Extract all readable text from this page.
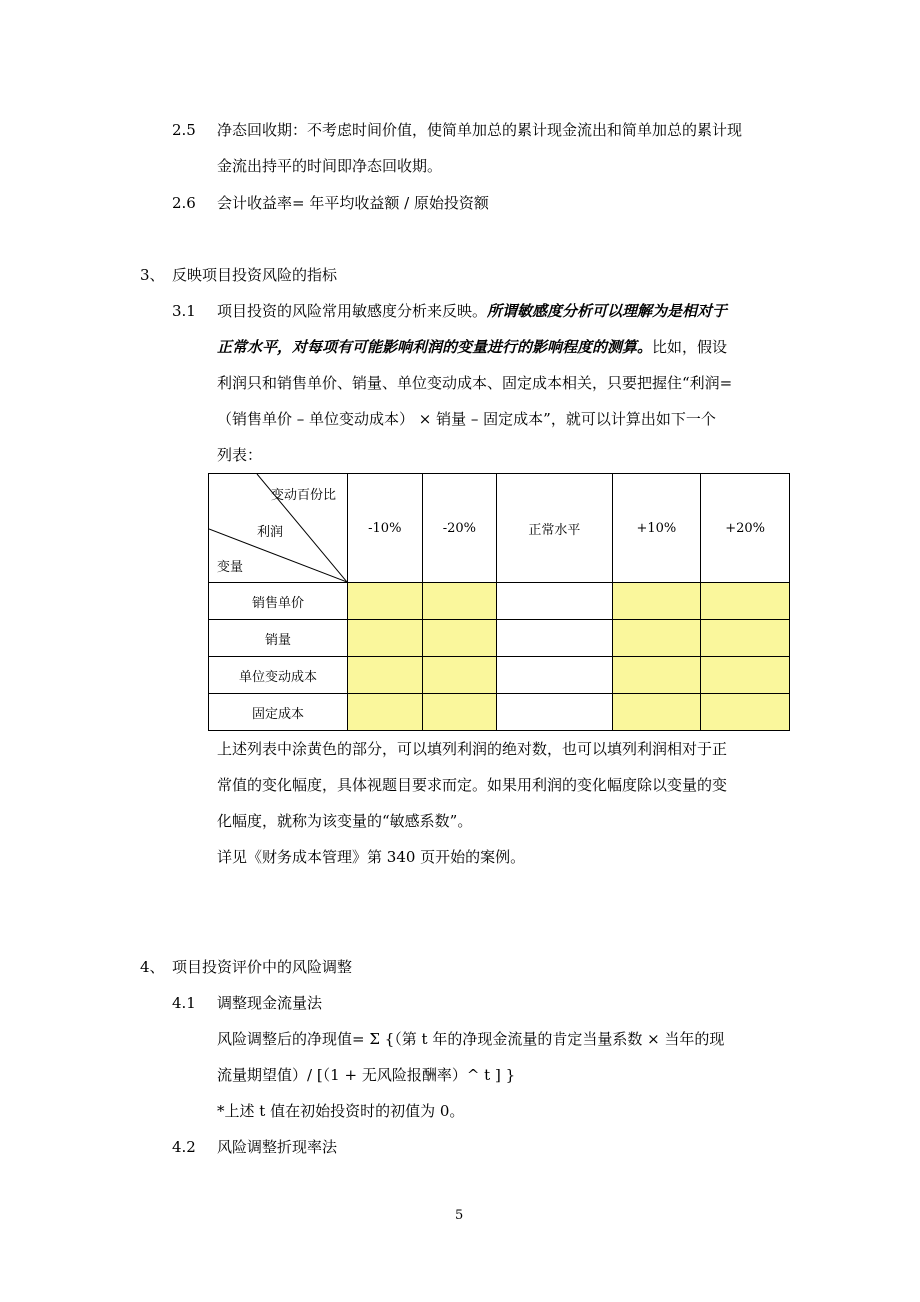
2.5 净态回收期：不考虑时间价值，使简单加总的累计现金流出和简单加总的累计现
金流出持平的时间即净态回收期。
2.6 会计收益率= 年平均收益额 / 原始投资额
3、 反映项目投资风险的指标
3.1 项目投资的风险常用敏感度分析来反映。所谓敏感度分析可以理解为是相对于
正常水平，对每项有可能影响利润的变量进行的影响程度的测算。比如，假设
利润只和销售单价、销量、单位变动成本、固定成本相关，只要把握住“利润=
（销售单价 – 单位变动成本） × 销量 – 固定成本”，就可以计算出如下一个
列表：
变动百份比
利润
变量	-10%	-20%	正常水平	+10%	+20%
销售单价					
销量					
单位变动成本					
固定成本					
上述列表中涂黄色的部分，可以填列利润的绝对数，也可以填列利润相对于正
常值的变化幅度，具体视题目要求而定。如果用利润的变化幅度除以变量的变
化幅度，就称为该变量的“敏感系数”。
详见《财务成本管理》第 340 页开始的案例。
4、 项目投资评价中的风险调整
4.1 调整现金流量法
风险调整后的净现值= Σ {（第 t 年的净现金流量的肯定当量系数 × 当年的现
流量期望值）/ [（1 + 无风险报酬率）^ t ] }
*上述 t 值在初始投资时的初值为 0。
4.2 风险调整折现率法
5
